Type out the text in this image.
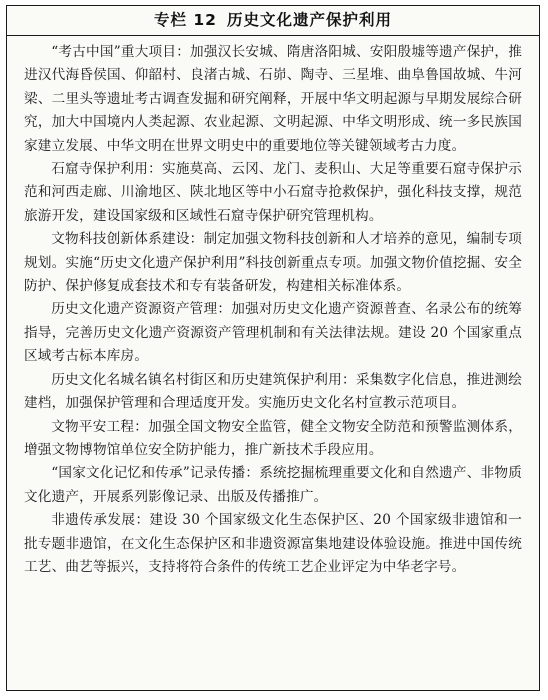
专栏 12 历史文化遗产保护利用

“考古中国”重大项目：加强汉长安城、隋唐洛阳城、安阳殷墟等遗产保护，推进汉代海昏侯国、仰韶村、良渚古城、石峁、陶寺、三星堆、曲阜鲁国故城、牛河梁、二里头等遗址考古调查发掘和研究阐释，开展中华文明起源与早期发展综合研究，加大中国境内人类起源、农业起源、文明起源、中华文明形成、统一多民族国家建立发展、中华文明在世界文明史中的重要地位等关键领域考古力度。

石窟寺保护利用：实施莫高、云冈、龙门、麦积山、大足等重要石窟寺保护示范和河西走廊、川渝地区、陕北地区等中小石窟寺抢救保护，强化科技支撑，规范旅游开发，建设国家级和区域性石窟寺保护研究管理机构。

文物科技创新体系建设：制定加强文物科技创新和人才培养的意见，编制专项规划。实施“历史文化遗产保护利用”科技创新重点专项。加强文物价值挖掘、安全防护、保护修复成套技术和专有装备研发，构建相关标准体系。

历史文化遗产资源资产管理：加强对历史文化遗产资源普查、名录公布的统筹指导，完善历史文化遗产资源资产管理机制和有关法律法规。建设 20 个国家重点区域考古标本库房。

历史文化名城名镇名村街区和历史建筑保护利用：采集数字化信息，推进测绘建档，加强保护管理和合理适度开发。实施历史文化名村宣教示范项目。

文物平安工程：加强全国文物安全监管，健全文物安全防范和预警监测体系，增强文物博物馆单位安全防护能力，推广新技术手段应用。

“国家文化记忆和传承”记录传播：系统挖掘梳理重要文化和自然遗产、非物质文化遗产，开展系列影像记录、出版及传播推广。

非遗传承发展：建设 30 个国家级文化生态保护区、20 个国家级非遗馆和一批专题非遗馆，在文化生态保护区和非遗资源富集地建设体验设施。推进中国传统工艺、曲艺等振兴，支持将符合条件的传统工艺企业评定为中华老字号。
